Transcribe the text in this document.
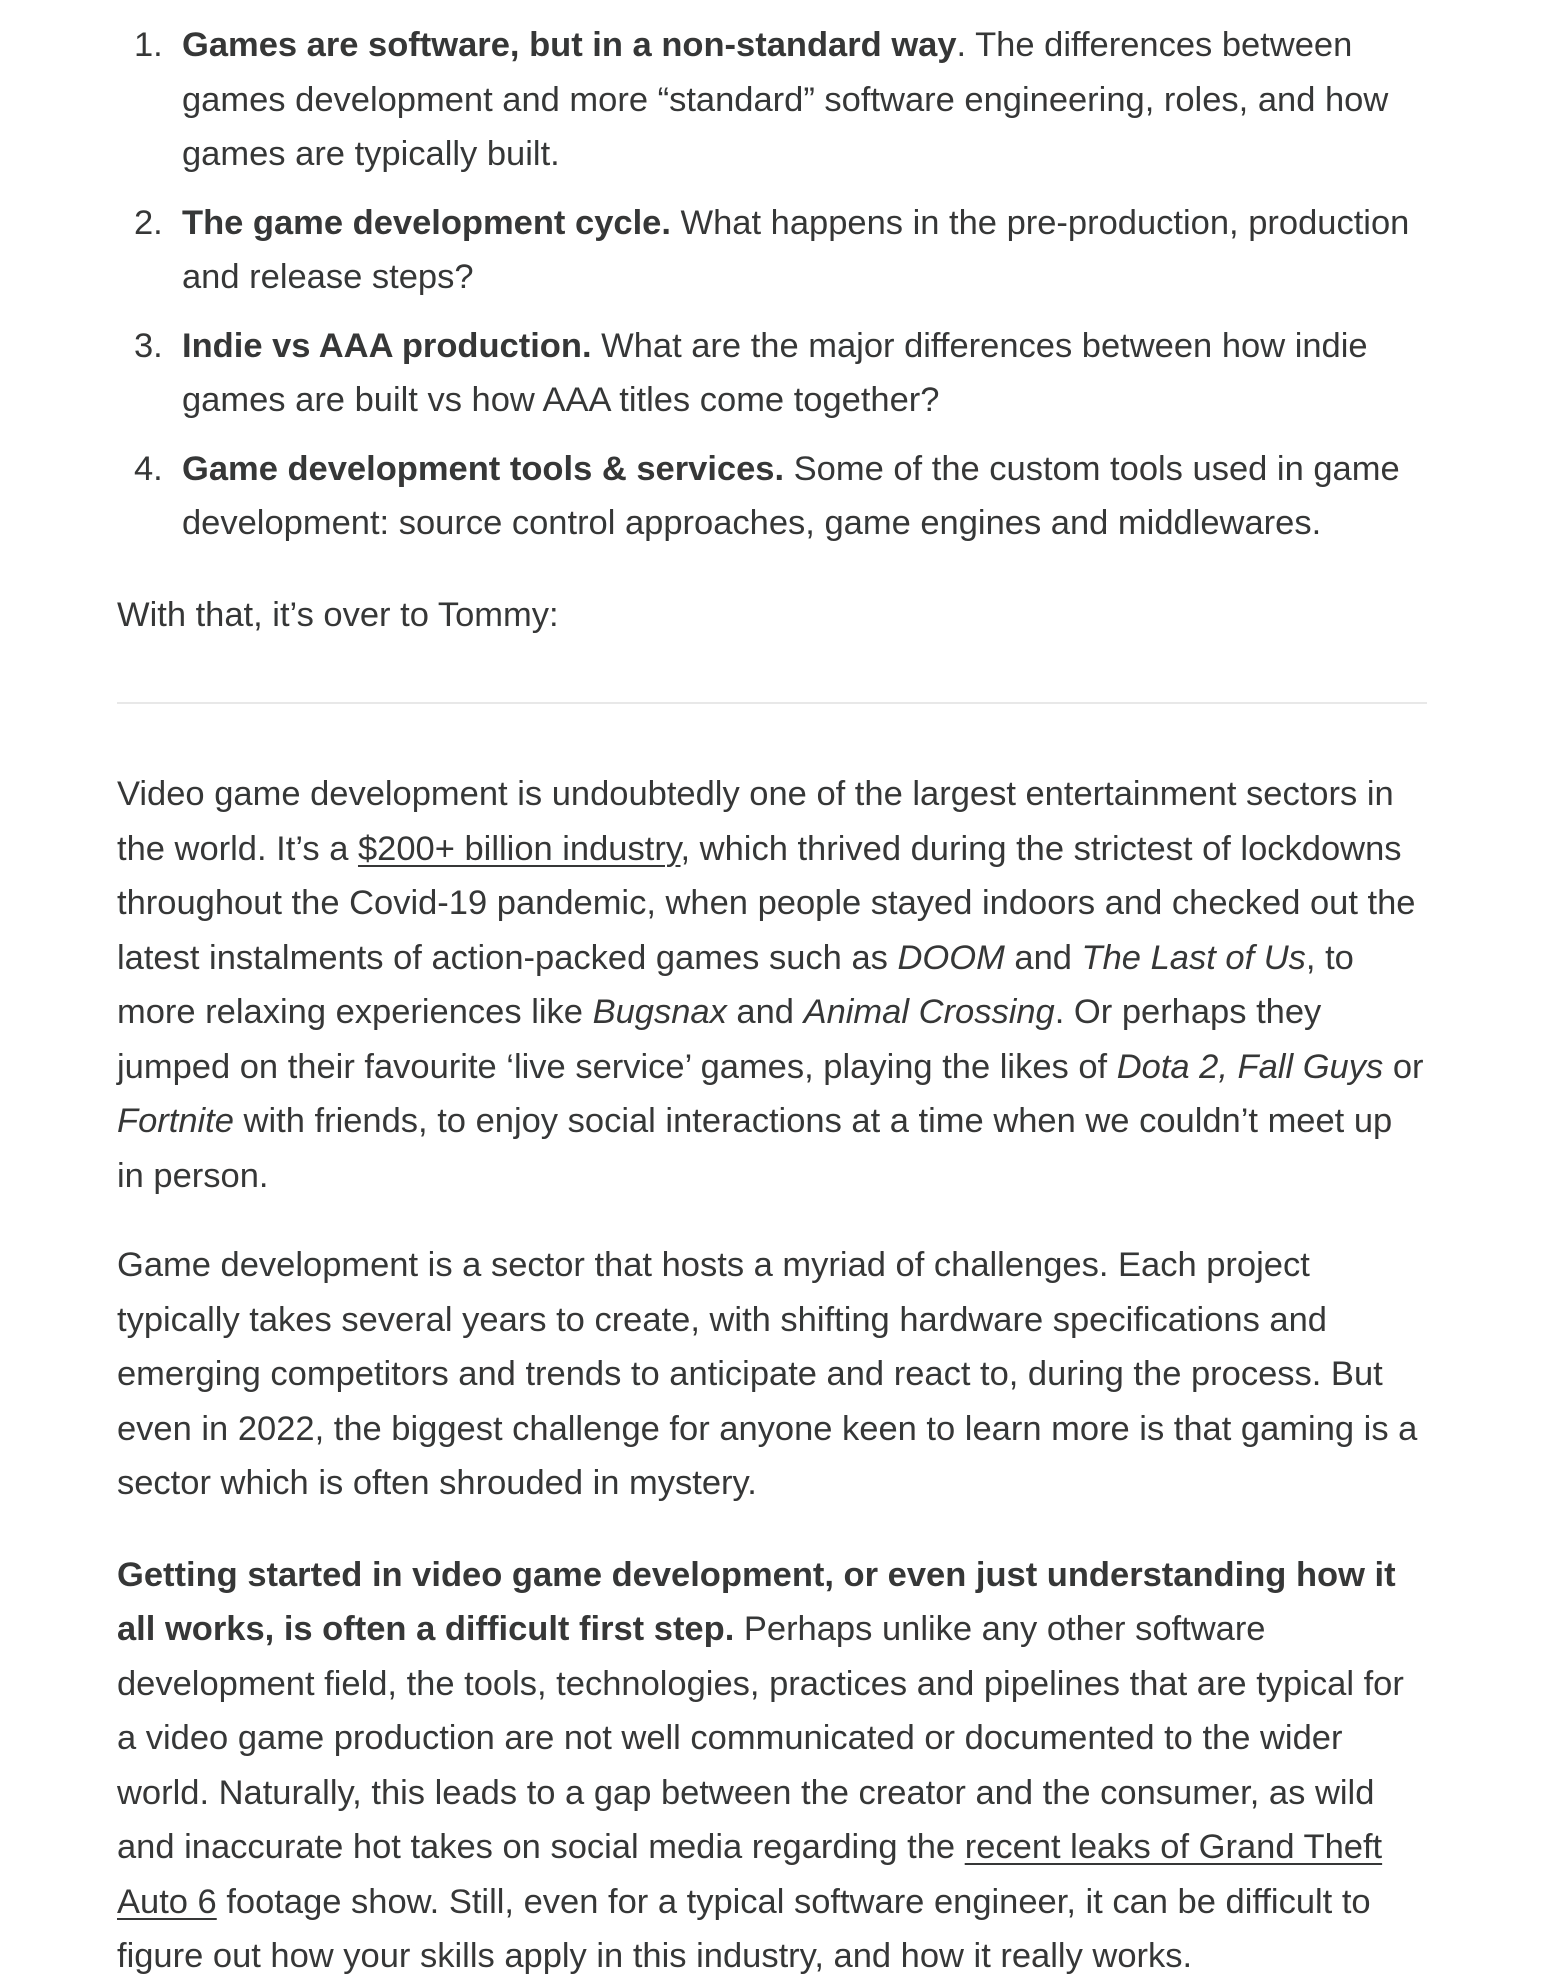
1. Games are software, but in a non-standard way. The differences between games development and more “standard” software engineering, roles, and how games are typically built.
2. The game development cycle. What happens in the pre-production, production and release steps?
3. Indie vs AAA production. What are the major differences between how indie games are built vs how AAA titles come together?
4. Game development tools & services. Some of the custom tools used in game development: source control approaches, game engines and middlewares.

With that, it’s over to Tommy:

Video game development is undoubtedly one of the largest entertainment sectors in the world. It’s a $200+ billion industry, which thrived during the strictest of lockdowns throughout the Covid-19 pandemic, when people stayed indoors and checked out the latest instalments of action-packed games such as DOOM and The Last of Us, to more relaxing experiences like Bugsnax and Animal Crossing. Or perhaps they jumped on their favourite ‘live service’ games, playing the likes of Dota 2, Fall Guys or Fortnite with friends, to enjoy social interactions at a time when we couldn’t meet up in person.

Game development is a sector that hosts a myriad of challenges. Each project typically takes several years to create, with shifting hardware specifications and emerging competitors and trends to anticipate and react to, during the process. But even in 2022, the biggest challenge for anyone keen to learn more is that gaming is a sector which is often shrouded in mystery.

Getting started in video game development, or even just understanding how it all works, is often a difficult first step. Perhaps unlike any other software development field, the tools, technologies, practices and pipelines that are typical for a video game production are not well communicated or documented to the wider world. Naturally, this leads to a gap between the creator and the consumer, as wild and inaccurate hot takes on social media regarding the recent leaks of Grand Theft Auto 6 footage show. Still, even for a typical software engineer, it can be difficult to figure out how your skills apply in this industry, and how it really works.
